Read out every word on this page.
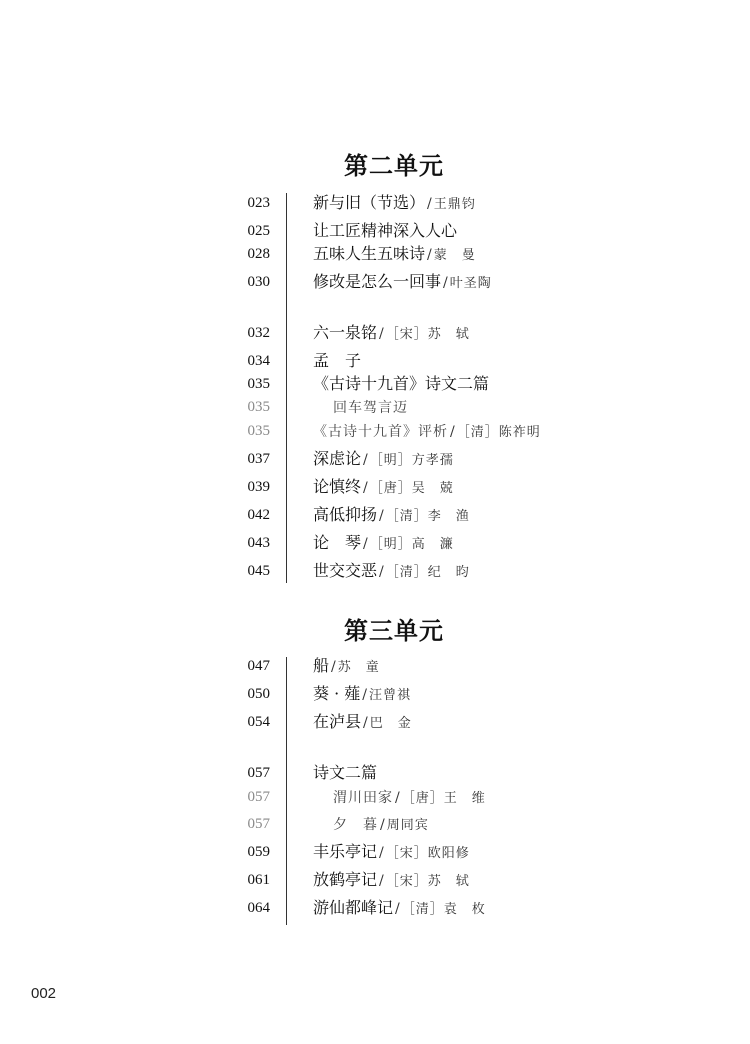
第二单元
023	新与旧（节选） / 王鼎钧
025	让工匠精神深入人心
028	五味人生五味诗 / 蒙　曼
030	修改是怎么一回事 / 叶圣陶
032	六一泉铭 / ［宋］苏　轼
034	孟　子
035	《古诗十九首》诗文二篇
035	回车驾言迈
035	《古诗十九首》评析 / ［清］陈祚明
037	深虑论 / ［明］方孝孺
039	论慎终 / ［唐］吴　兢
042	高低抑扬 / ［清］李　渔
043	论　琴 / ［明］高　濂
045	世交交恶 / ［清］纪　昀
第三单元
047	船 / 苏　童
050	葵 · 薤 / 汪曾祺
054	在泸县 / 巴　金
057	诗文二篇
057	渭川田家 / ［唐］王　维
057	夕　暮 / 周同宾
059	丰乐亭记 / ［宋］欧阳修
061	放鹤亭记 / ［宋］苏　轼
064	游仙都峰记 / ［清］袁　枚
002
